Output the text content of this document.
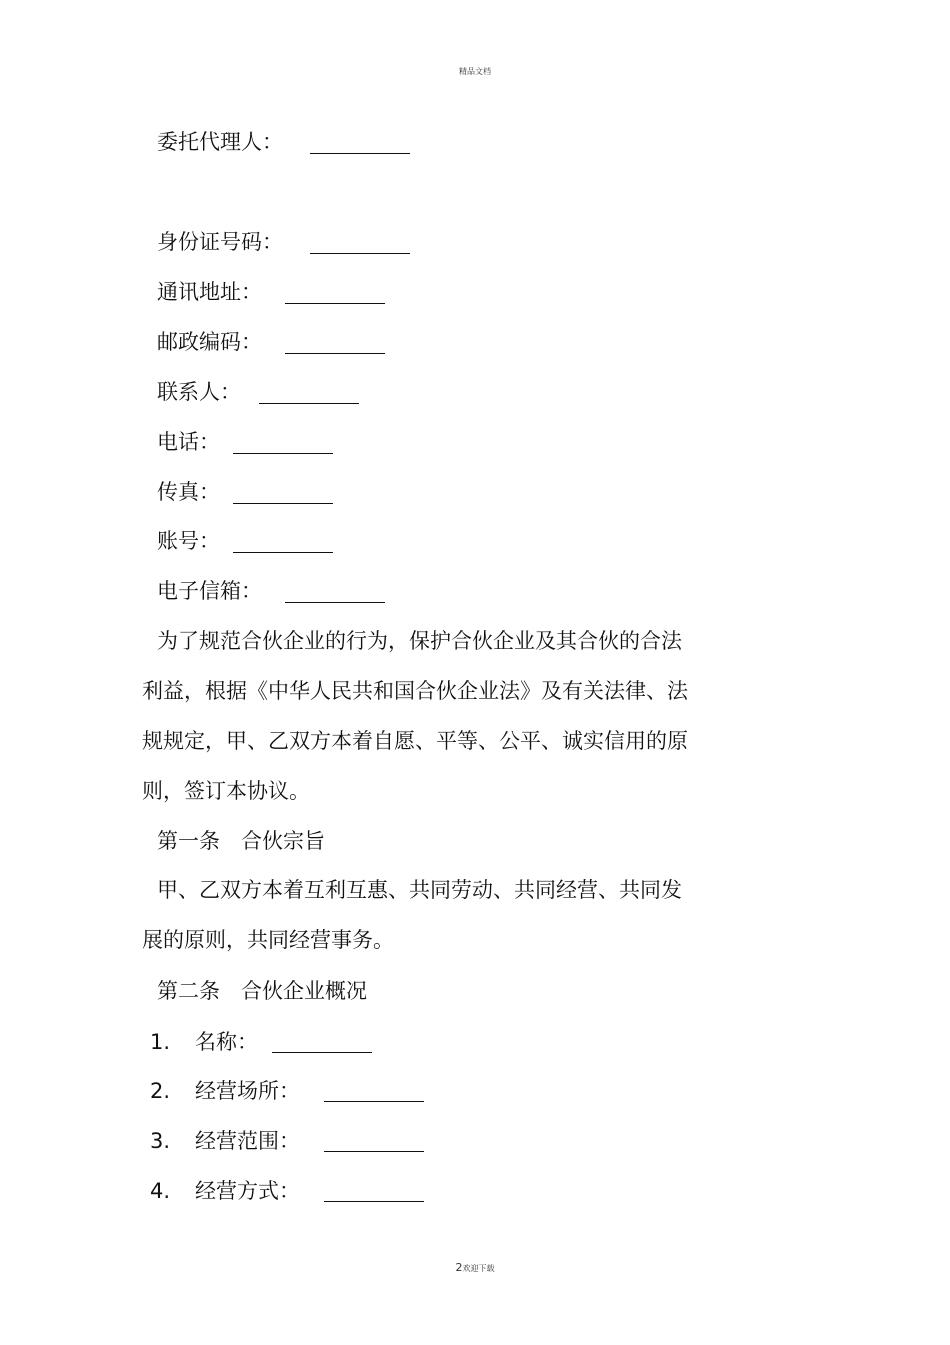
精品文档
委托代理人：
身份证号码：
通讯地址：
邮政编码：
联系人：
电话：
传真：
账号：
电子信箱：
为了规范合伙企业的行为，保护合伙企业及其合伙的合法
利益，根据《中华人民共和国合伙企业法》及有关法律、法
规规定，甲、乙双方本着自愿、平等、公平、诚实信用的原
则，签订本协议。
第一条　合伙宗旨
甲、乙双方本着互利互惠、共同劳动、共同经营、共同发
展的原则，共同经营事务。
第二条　合伙企业概况
1. 名称：
2. 经营场所：
3. 经营范围：
4. 经营方式：
2欢迎下载
